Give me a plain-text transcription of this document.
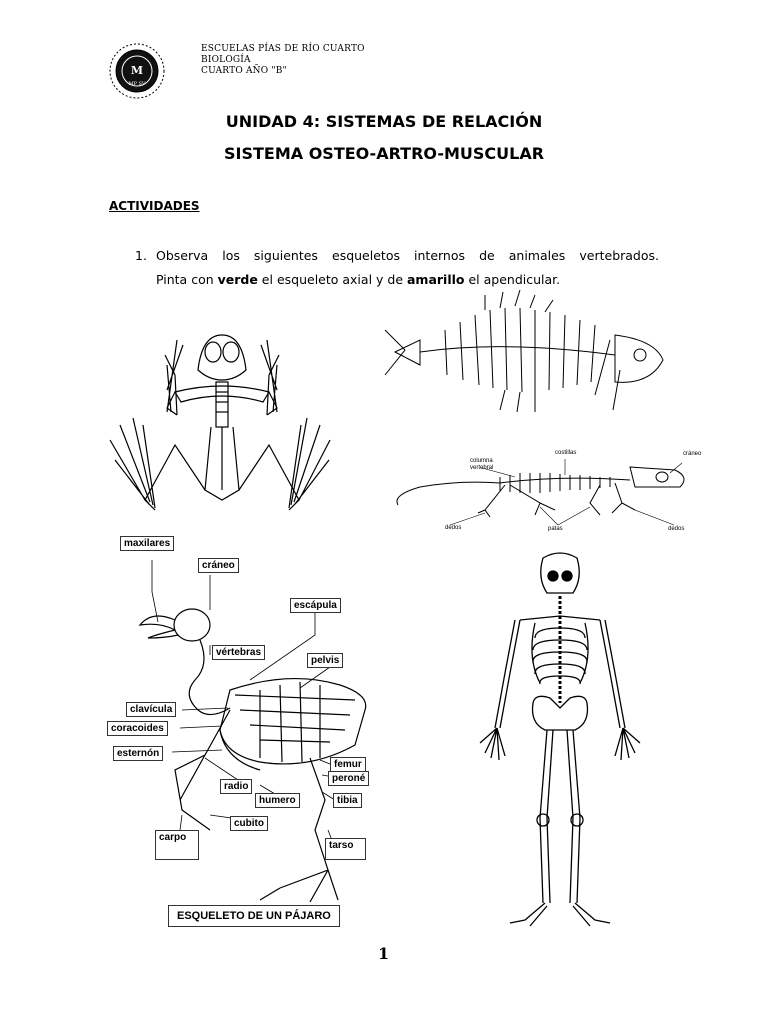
M
MP SV
ESCUELAS PÍAS DE RÍO CUARTO
BIOLOGÍA
CUARTO AÑO "B"
UNIDAD 4: SISTEMAS DE RELACIÓN
SISTEMA OSTEO-ARTRO-MUSCULAR
ACTIVIDADES
1. Observa los siguientes esqueletos internos de animales vertebrados.
Pinta con verde el esqueleto axial y de amarillo el apendicular.
costillas
columna
vertebral
cráneo
dedos	patas	dedos
maxilares
cráneo
escápula
vértebras
pelvis
clavícula
coracoides
esternón
femur
peroné
radio
humero	tibia
cubito
carpo
tarso
ESQUELETO DE UN PÁJARO
1
